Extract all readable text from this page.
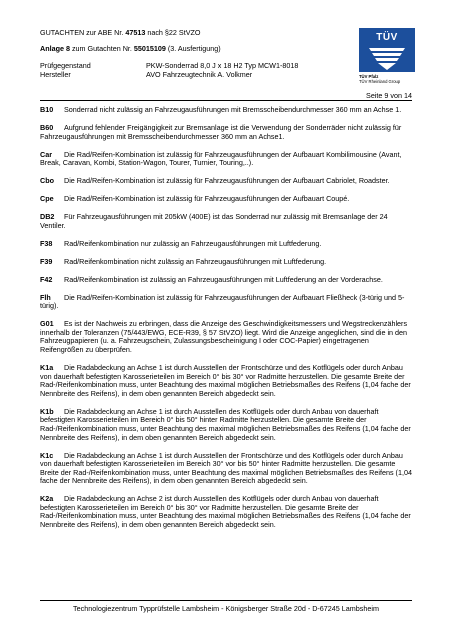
GUTACHTEN zur ABE Nr. 47513 nach §22 StVZO
Anlage 8 zum Gutachten Nr. 55015109 (3. Ausfertigung)
Prüfgegenstand	PKW-Sonderrad 8,0 J x 18 H2 Typ MCW1-8018
Hersteller	AVO Fahrzeugtechnik A. Volkmer
TÜV
TÜV Pfalz
TÜV Rheinland Group
Seite 9 von 14
B10 Sonderrad nicht zulässig an Fahrzeugausführungen mit Bremsscheibendurchmesser 360 mm an Achse 1.
B60 Aufgrund fehlender Freigängigkeit zur Bremsanlage ist die Verwendung der Sonderräder nicht zulässig für Fahrzeugausführungen mit Bremsscheibendurchmesser 360 mm an Achse1.
Car Die Rad/Reifen-Kombination ist zulässig für Fahrzeugausführungen der Aufbauart Kombilimousine (Avant, Break, Caravan, Kombi, Station-Wagon, Tourer, Turnier, Touring,..).
Cbo Die Rad/Reifen-Kombination ist zulässig für Fahrzeugausführungen der Aufbauart Cabriolet, Roadster.
Cpe Die Rad/Reifen-Kombination ist zulässig für Fahrzeugausführungen der Aufbauart Coupé.
DB2 Für Fahrzeugausführungen mit 205kW (400E) ist das Sonderrad nur zulässig mit Bremsanlage der 24 Ventiler.
F38 Rad/Reifenkombination nur zulässig an Fahrzeugausführungen mit Luftfederung.
F39 Rad/Reifenkombination nicht zulässig an Fahrzeugausführungen mit Luftfederung.
F42 Rad/Reifenkombination ist zulässig an Fahrzeugausführungen mit Luftfederung an der Vorderachse.
Flh Die Rad/Reifen-Kombination ist zulässig für Fahrzeugausführungen der Aufbauart Fließheck (3-türig und 5-türig).
G01 Es ist der Nachweis zu erbringen, dass die Anzeige des Geschwindigkeitsmessers und Wegstreckenzählers innerhalb der Toleranzen (75/443/EWG, ECE-R39, § 57 StVZO) liegt. Wird die Anzeige angeglichen, sind die in den Fahrzeugpapieren (u. a. Fahrzeugschein, Zulassungsbescheinigung I oder COC-Papier) eingetragenen Reifengrößen zu überprüfen.
K1a Die Radabdeckung an Achse 1 ist durch Ausstellen der Frontschürze und des Kotflügels oder durch Anbau von dauerhaft befestigten Karosserieteilen im Bereich 0° bis 30° vor Radmitte herzustellen. Die gesamte Breite der Rad-/Reifenkombination muss, unter Beachtung des maximal möglichen Betriebsmaßes des Reifens (1,04 fache der Nennbreite des Reifens), in dem oben genannten Bereich abgedeckt sein.
K1b Die Radabdeckung an Achse 1 ist durch Ausstellen des Kotflügels oder durch Anbau von dauerhaft befestigten Karosserieteilen im Bereich 0° bis 50° hinter Radmitte herzustellen. Die gesamte Breite der Rad-/Reifenkombination muss, unter Beachtung des maximal möglichen Betriebsmaßes des Reifens (1,04 fache der Nennbreite des Reifens), in dem oben genannten Bereich abgedeckt sein.
K1c Die Radabdeckung an Achse 1 ist durch Ausstellen der Frontschürze und des Kotflügels oder durch Anbau von dauerhaft befestigten Karosserieteilen im Bereich 30° vor bis 50° hinter Radmitte herzustellen. Die gesamte Breite der Rad-/Reifenkombination muss, unter Beachtung des maximal möglichen Betriebsmaßes des Reifens (1,04 fache der Nennbreite des Reifens), in dem oben genannten Bereich abgedeckt sein.
K2a Die Radabdeckung an Achse 2 ist durch Ausstellen des Kotflügels oder durch Anbau von dauerhaft befestigten Karosserieteilen im Bereich 0° bis 30° vor Radmitte herzustellen. Die gesamte Breite der Rad-/Reifenkombination muss, unter Beachtung des maximal möglichen Betriebsmaßes des Reifens (1,04 fache der Nennbreite des Reifens), in dem oben genannten Bereich abgedeckt sein.
Technologiezentrum Typprüfstelle Lambsheim - Königsberger Straße 20d - D-67245 Lambsheim
